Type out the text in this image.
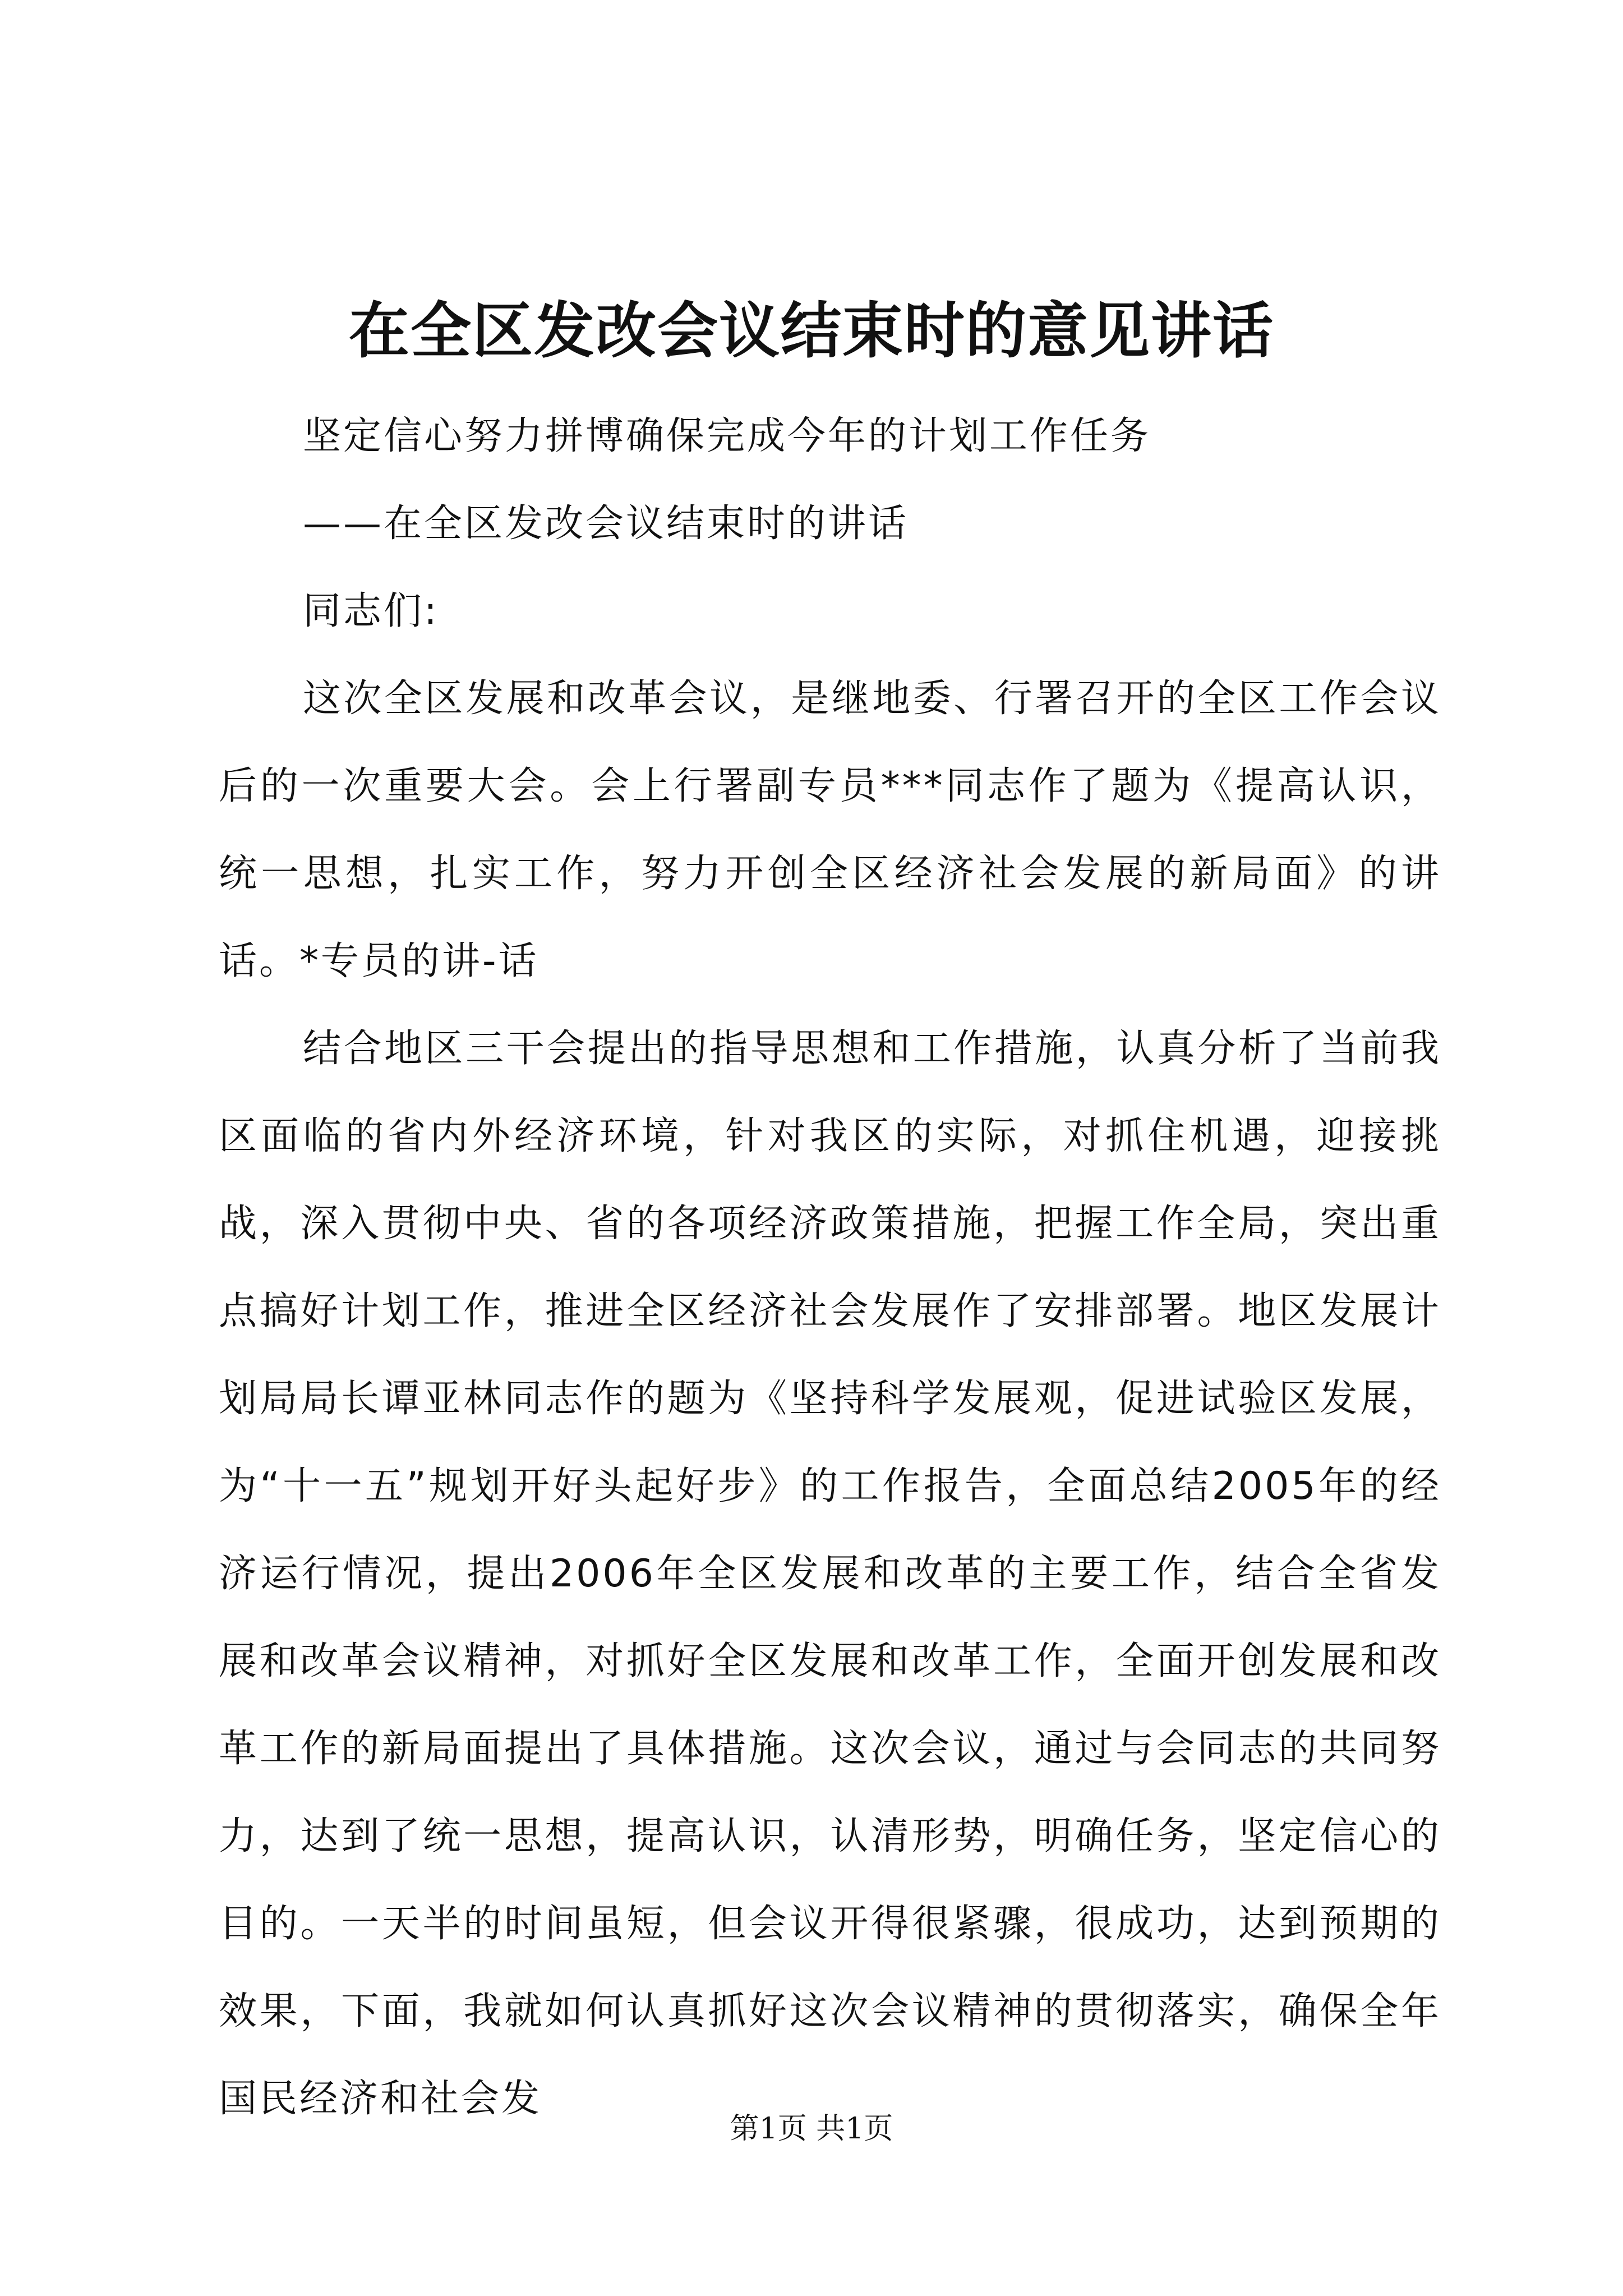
在全区发改会议结束时的意见讲话

坚定信心努力拼博确保完成今年的计划工作任务

——在全区发改会议结束时的讲话

同志们:

这次全区发展和改革会议，是继地委、行署召开的全区工作会议后的一次重要大会。会上行署副专员***同志作了题为《提高认识，统一思想，扎实工作，努力开创全区经济社会发展的新局面》的讲话。*专员的讲-话

结合地区三干会提出的指导思想和工作措施，认真分析了当前我区面临的省内外经济环境，针对我区的实际，对抓住机遇，迎接挑战，深入贯彻中央、省的各项经济政策措施，把握工作全局，突出重点搞好计划工作，推进全区经济社会发展作了安排部署。地区发展计划局局长谭亚林同志作的题为《坚持科学发展观，促进试验区发展，为“十一五”规划开好头起好步》的工作报告，全面总结2005年的经济运行情况，提出2006年全区发展和改革的主要工作，结合全省发展和改革会议精神，对抓好全区发展和改革工作，全面开创发展和改革工作的新局面提出了具体措施。这次会议，通过与会同志的共同努力，达到了统一思想，提高认识，认清形势，明确任务，坚定信心的目的。一天半的时间虽短，但会议开得很紧骤，很成功，达到预期的效果，下面，我就如何认真抓好这次会议精神的贯彻落实，确保全年国民经济和社会发

第1页 共1页
